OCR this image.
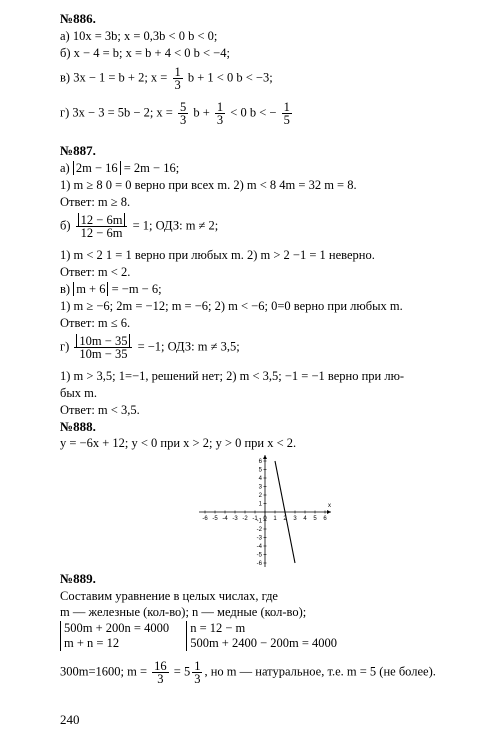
№886.
а) 10x = 3b; x = 0,3b < 0 b < 0;
б) x − 4 = b; x = b + 4 < 0 b < −4;
в) 3x − 1 = b + 2; $x = \frac{1}{3}$ b + 1 < 0 b < −3;
г) 3x − 3 = 5b − 2; $x = \frac{5}{3}$ $b + \frac{1}{3} < 0$ b < − $\frac{1}{5}$
№887.
а) 2m − 16 = 2m − 16;
1) m ≥ 8 0 = 0 верно при всех m. 2) m < 8 4m = 32 m = 8.
Ответ: m ≥ 8.
$б) \frac{12 - 6m}{12 - 6m} = 1$; ОДЗ: m ≠ 2;
1) m < 2 1 = 1 верно при любых m. 2) m > 2 −1 = 1 неверно.
Ответ: m < 2.
в) m + 6 = −m − 6;
1) m ≥ −6; 2m = −12; m = −6; 2) m < −6; 0=0 верно при любых m.
Ответ: m ≤ 6.
$г) \frac{10m - 35}{10m - 35} = -1$; ОДЗ: m ≠ 3,5;
1) m > 3,5; 1=−1, решений нет; 2) m < 3,5; −1 = −1 верно при лю-
бых m.
Ответ: m < 3,5.
№888.
y = −6x + 12; y < 0 при x > 2; y > 0 при x < 2.
x
-6 -5 -4 -3 -2 -1 0 1 2 3 4 5 6
6
5
4
3
2
1
-1
-2
-3
-4
-5
-6
№889.
Составим уравнение в целых числах, где
m — железные (кол-во); n — медные (кол-во);
500m + 200n = 4000
m + n = 12

n = 12 − m
500m + 2400 − 200m = 4000
300m=1600; $m = \frac{16}{3} = 5 \frac{1}{3}$ , но m — натуральное, т.е. m = 5 (не более).
240
